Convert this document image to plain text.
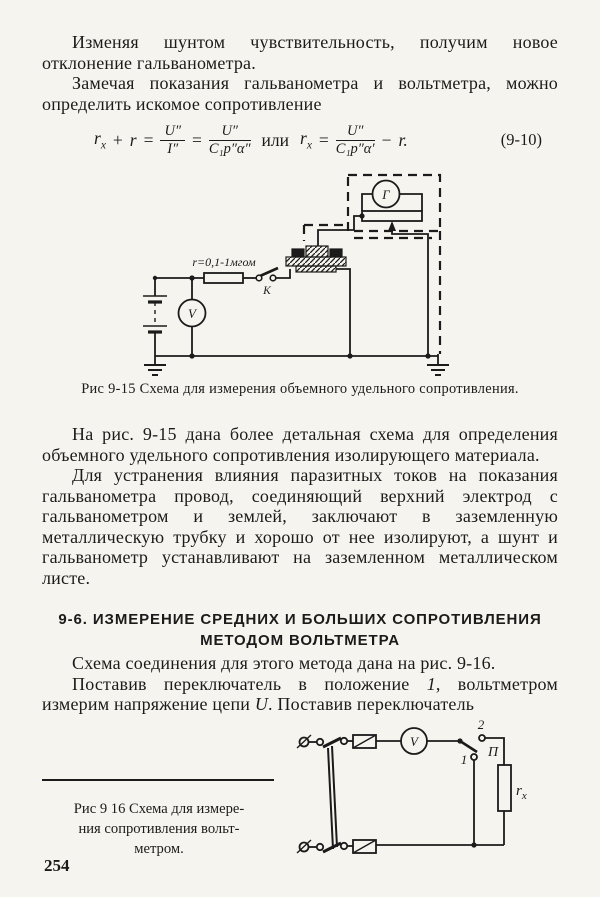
Изменяя шунтом чувствительность, получим новое отклонение гальванометра.

Замечая показания гальванометра и вольтметра, можно определить искомое сопротивление

$r_x + r = \frac{U''}{I''} = \frac{U''}{\text{C₁p″α″}}$ или $r_x = \frac{U''}{\text{C₁p″α′}} - r$.	(9-10)
Г
V
r=0,1-1мгом
К
Рис 9-15 Схема для измерения объемного удельного сопротивления.

На рис. 9-15 дана более детальная схема для определения объемного удельного сопротивления изолирующего материала.

Для устранения влияния паразитных токов на показания гальванометра провод, соединяющий верхний электрод с гальванометром и землей, заключают в заземленную металлическую трубку и хорошо от нее изолируют, а шунт и гальванометр устанавливают на заземленном металлическом листе.

9-6. ИЗМЕРЕНИЕ СРЕДНИХ И БОЛЬШИХ СОПРОТИВЛЕНИЯ
МЕТОДОМ ВОЛЬТМЕТРА

Схема соединения для этого метода дана на рис. 9-16.

Поставив переключатель в положение 1, вольтметром измерим напряжение цепи U. Поставив переключатель

Рис 9 16 Схема для измере-
ния сопротивления вольт-
метром.
254
V
1
2
П
$r_x$
